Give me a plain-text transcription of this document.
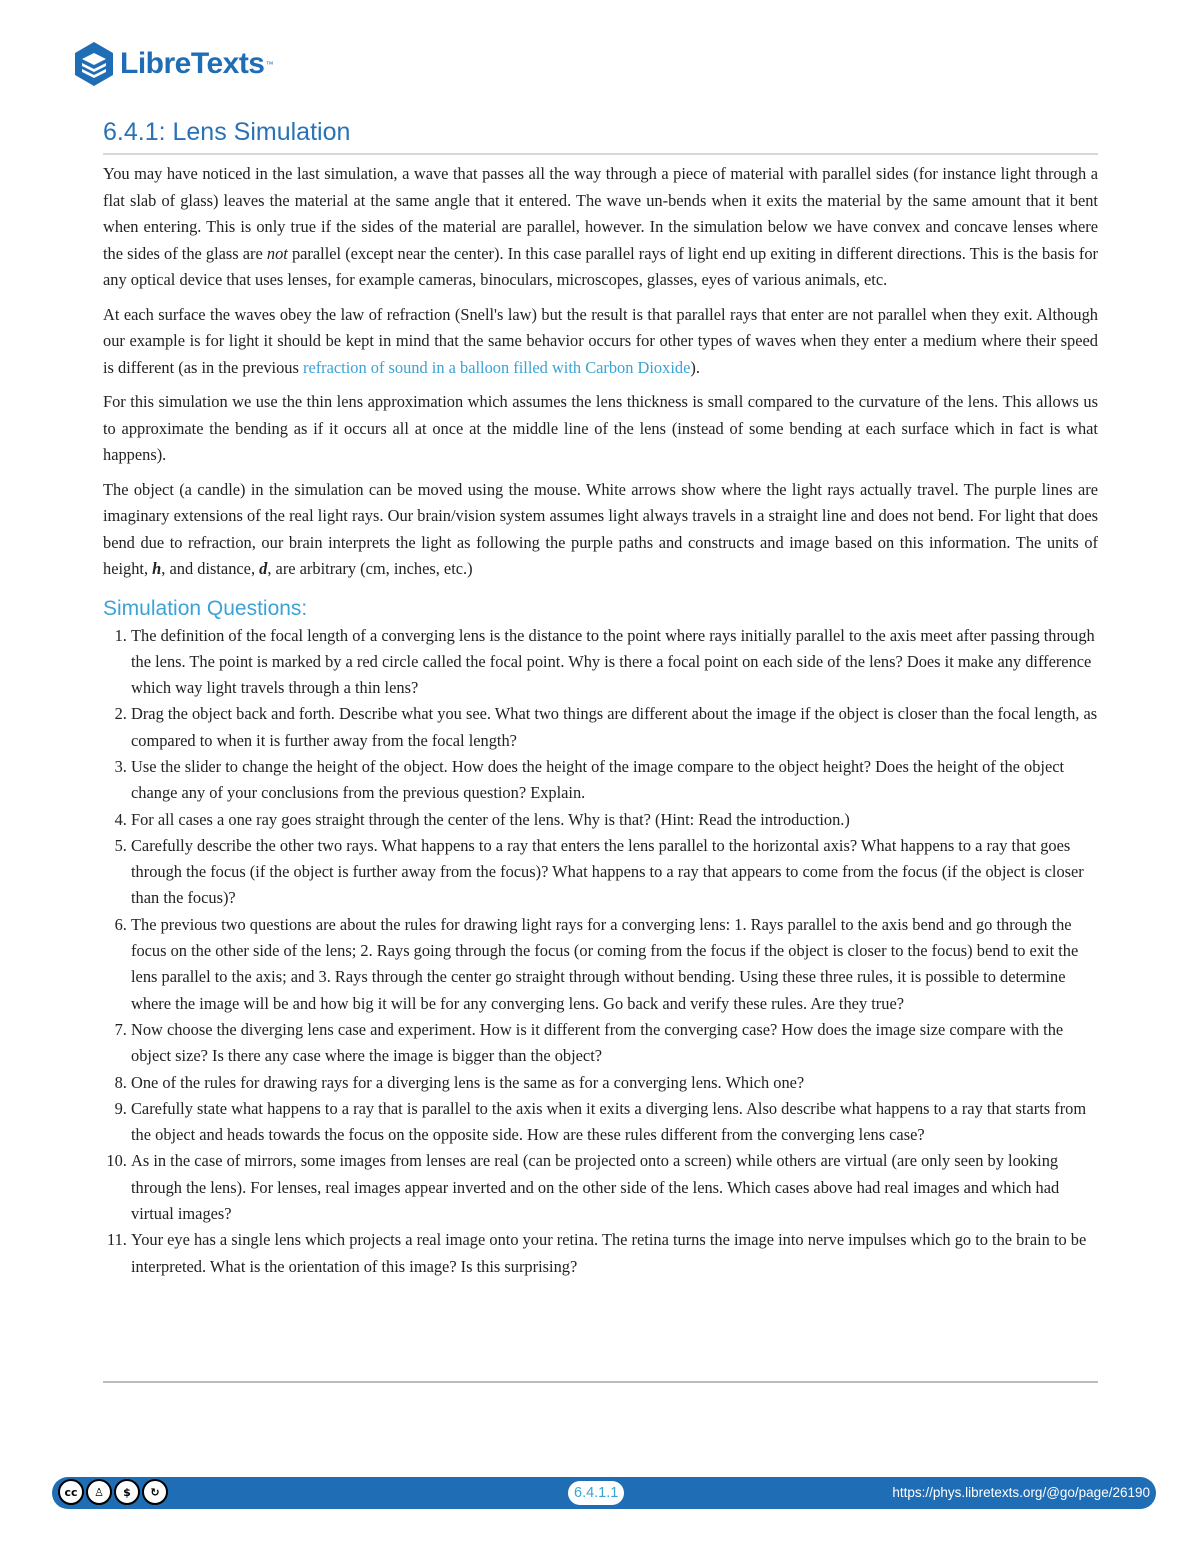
LibreTexts ™
6.4.1: Lens Simulation

You may have noticed in the last simulation, a wave that passes all the way through a piece of material with parallel sides (for instance light through a flat slab of glass) leaves the material at the same angle that it entered. The wave un-bends when it exits the material by the same amount that it bent when entering. This is only true if the sides of the material are parallel, however. In the simulation below we have convex and concave lenses where the sides of the glass are not parallel (except near the center). In this case parallel rays of light end up exiting in different directions. This is the basis for any optical device that uses lenses, for example cameras, binoculars, microscopes, glasses, eyes of various animals, etc.

At each surface the waves obey the law of refraction (Snell's law) but the result is that parallel rays that enter are not parallel when they exit. Although our example is for light it should be kept in mind that the same behavior occurs for other types of waves when they enter a medium where their speed is different (as in the previous refraction of sound in a balloon filled with Carbon Dioxide).

For this simulation we use the thin lens approximation which assumes the lens thickness is small compared to the curvature of the lens. This allows us to approximate the bending as if it occurs all at once at the middle line of the lens (instead of some bending at each surface which in fact is what happens).

The object (a candle) in the simulation can be moved using the mouse. White arrows show where the light rays actually travel. The purple lines are imaginary extensions of the real light rays. Our brain/vision system assumes light always travels in a straight line and does not bend. For light that does bend due to refraction, our brain interprets the light as following the purple paths and constructs and image based on this information. The units of height, h, and distance, d, are arbitrary (cm, inches, etc.)

Simulation Questions:
1. The definition of the focal length of a converging lens is the distance to the point where rays initially parallel to the axis meet after passing through the lens. The point is marked by a red circle called the focal point. Why is there a focal point on each side of the lens? Does it make any difference which way light travels through a thin lens?
2. Drag the object back and forth. Describe what you see. What two things are different about the image if the object is closer than the focal length, as compared to when it is further away from the focal length?
3. Use the slider to change the height of the object. How does the height of the image compare to the object height? Does the height of the object change any of your conclusions from the previous question? Explain.
4. For all cases a one ray goes straight through the center of the lens. Why is that? (Hint: Read the introduction.)
5. Carefully describe the other two rays. What happens to a ray that enters the lens parallel to the horizontal axis? What happens to a ray that goes through the focus (if the object is further away from the focus)? What happens to a ray that appears to come from the focus (if the object is closer than the focus)?
6. The previous two questions are about the rules for drawing light rays for a converging lens: 1. Rays parallel to the axis bend and go through the focus on the other side of the lens; 2. Rays going through the focus (or coming from the focus if the object is closer to the focus) bend to exit the lens parallel to the axis; and 3. Rays through the center go straight through without bending. Using these three rules, it is possible to determine where the image will be and how big it will be for any converging lens. Go back and verify these rules. Are they true?
7. Now choose the diverging lens case and experiment. How is it different from the converging case? How does the image size compare with the object size? Is there any case where the image is bigger than the object?
8. One of the rules for drawing rays for a diverging lens is the same as for a converging lens. Which one?
9. Carefully state what happens to a ray that is parallel to the axis when it exits a diverging lens. Also describe what happens to a ray that starts from the object and heads towards the focus on the opposite side. How are these rules different from the converging lens case?
10. As in the case of mirrors, some images from lenses are real (can be projected onto a screen) while others are virtual (are only seen by looking through the lens). For lenses, real images appear inverted and on the other side of the lens. Which cases above had real images and which had virtual images?
11. Your eye has a single lens which projects a real image onto your retina. The retina turns the image into nerve impulses which go to the brain to be interpreted. What is the orientation of this image? Is this surprising?
cc	♙	$	↻	6.4.1.1	https://phys.libretexts.org/@go/page/26190
